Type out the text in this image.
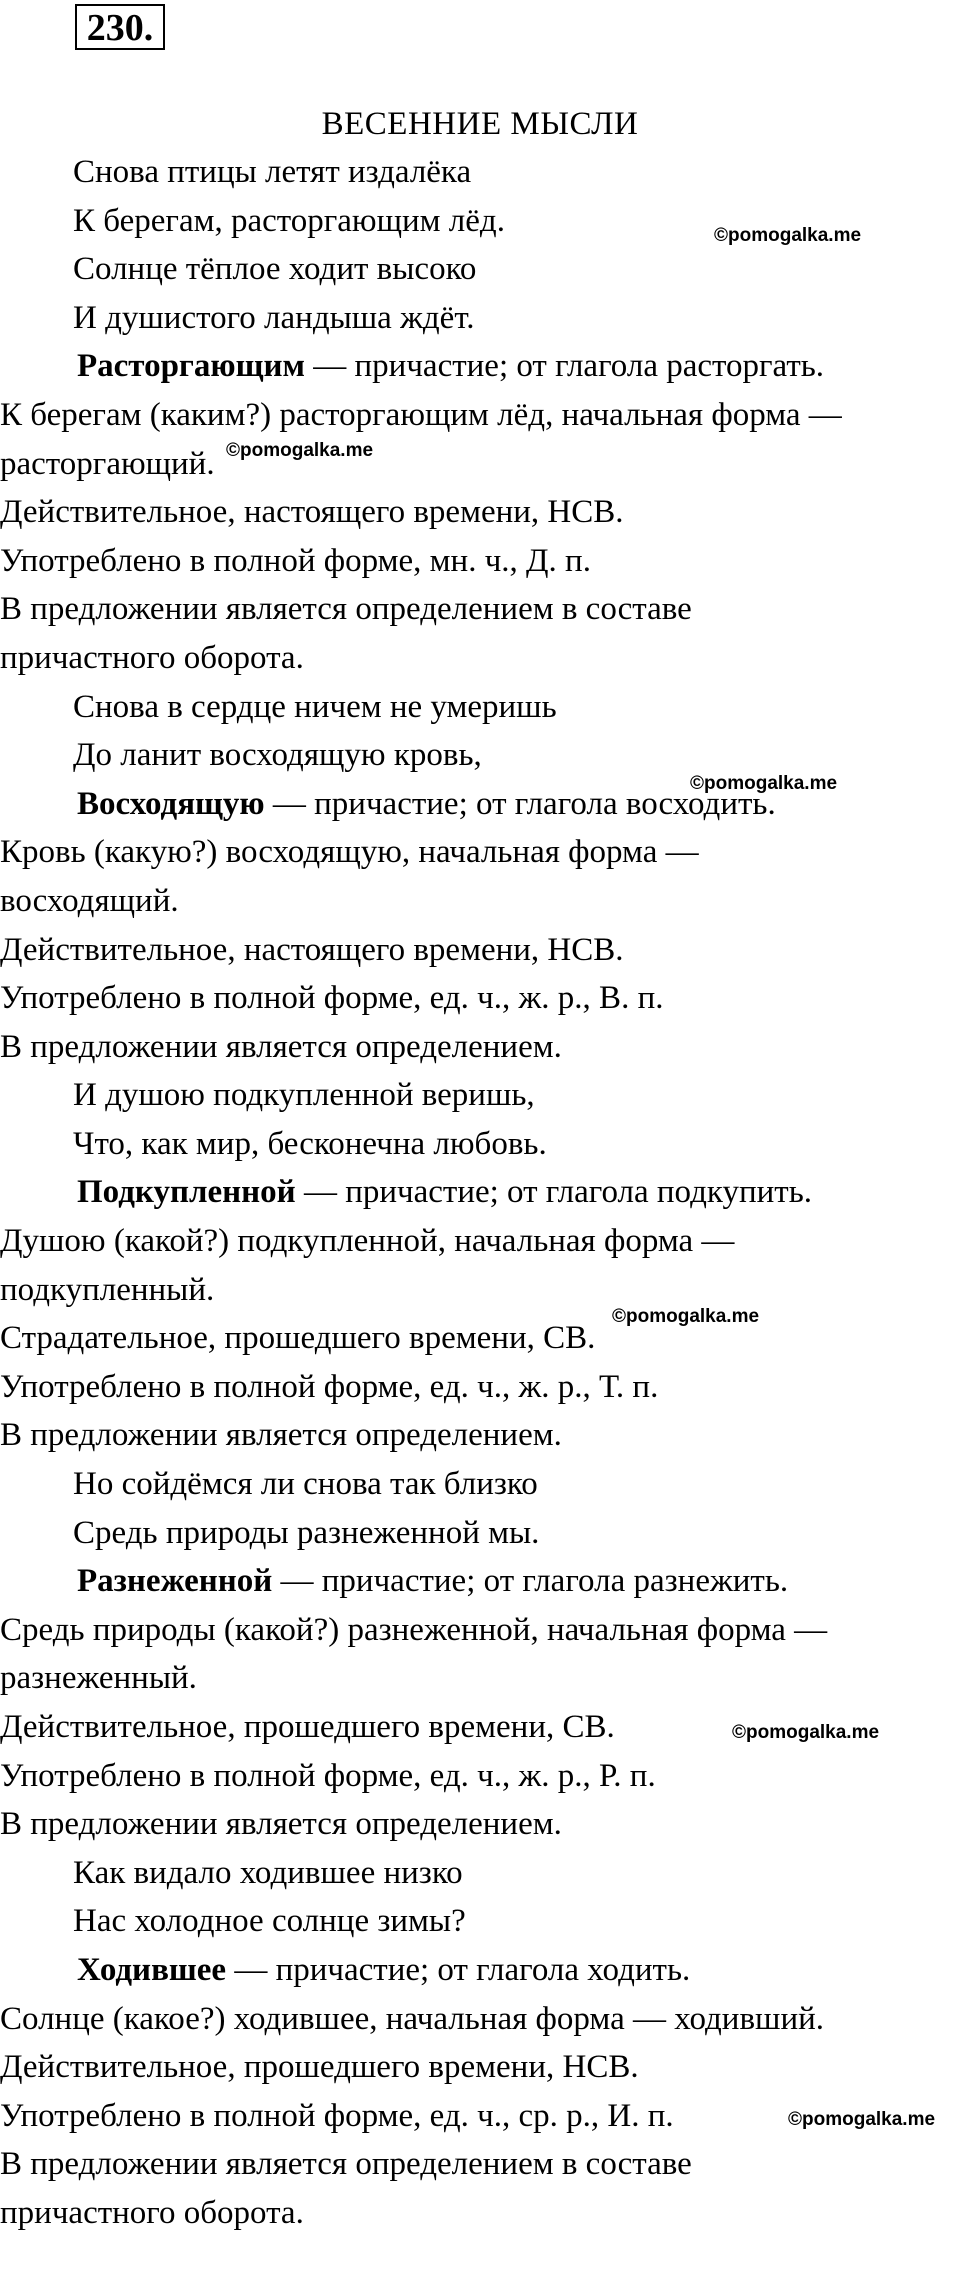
230.
ВЕСЕННИЕ МЫСЛИ
Снова птицы летят издалёка
К берегам, расторгающим лёд.
Солнце тёплое ходит высоко
И душистого ландыша ждёт.
Расторгающим — причастие; от глагола расторгать.
К берегам (каким?) расторгающим лёд, начальная форма —
расторгающий.
Действительное, настоящего времени, НСВ.
Употреблено в полной форме, мн. ч., Д. п.
В предложении является определением в составе
причастного оборота.
Снова в сердце ничем не умеришь
До ланит восходящую кровь,
Восходящую — причастие; от глагола восходить.
Кровь (какую?) восходящую, начальная форма —
восходящий.
Действительное, настоящего времени, НСВ.
Употреблено в полной форме, ед. ч., ж. р., В. п.
В предложении является определением.
И душою подкупленной веришь,
Что, как мир, бесконечна любовь.
Подкупленной — причастие; от глагола подкупить.
Душою (какой?) подкупленной, начальная форма —
подкупленный.
Страдательное, прошедшего времени, СВ.
Употреблено в полной форме, ед. ч., ж. р., Т. п.
В предложении является определением.
Но сойдёмся ли снова так близко
Средь природы разнеженной мы.
Разнеженной — причастие; от глагола разнежить.
Средь природы (какой?) разнеженной, начальная форма —
разнеженный.
Действительное, прошедшего времени, СВ.
Употреблено в полной форме, ед. ч., ж. р., Р. п.
В предложении является определением.
Как видало ходившее низко
Нас холодное солнце зимы?
Ходившее — причастие; от глагола ходить.
Солнце (какое?) ходившее, начальная форма — ходивший.
Действительное, прошедшего времени, НСВ.
Употреблено в полной форме, ед. ч., ср. р., И. п.
В предложении является определением в составе
причастного оборота.
©pomogalka.me
©pomogalka.me
©pomogalka.me
©pomogalka.me
©pomogalka.me
©pomogalka.me
